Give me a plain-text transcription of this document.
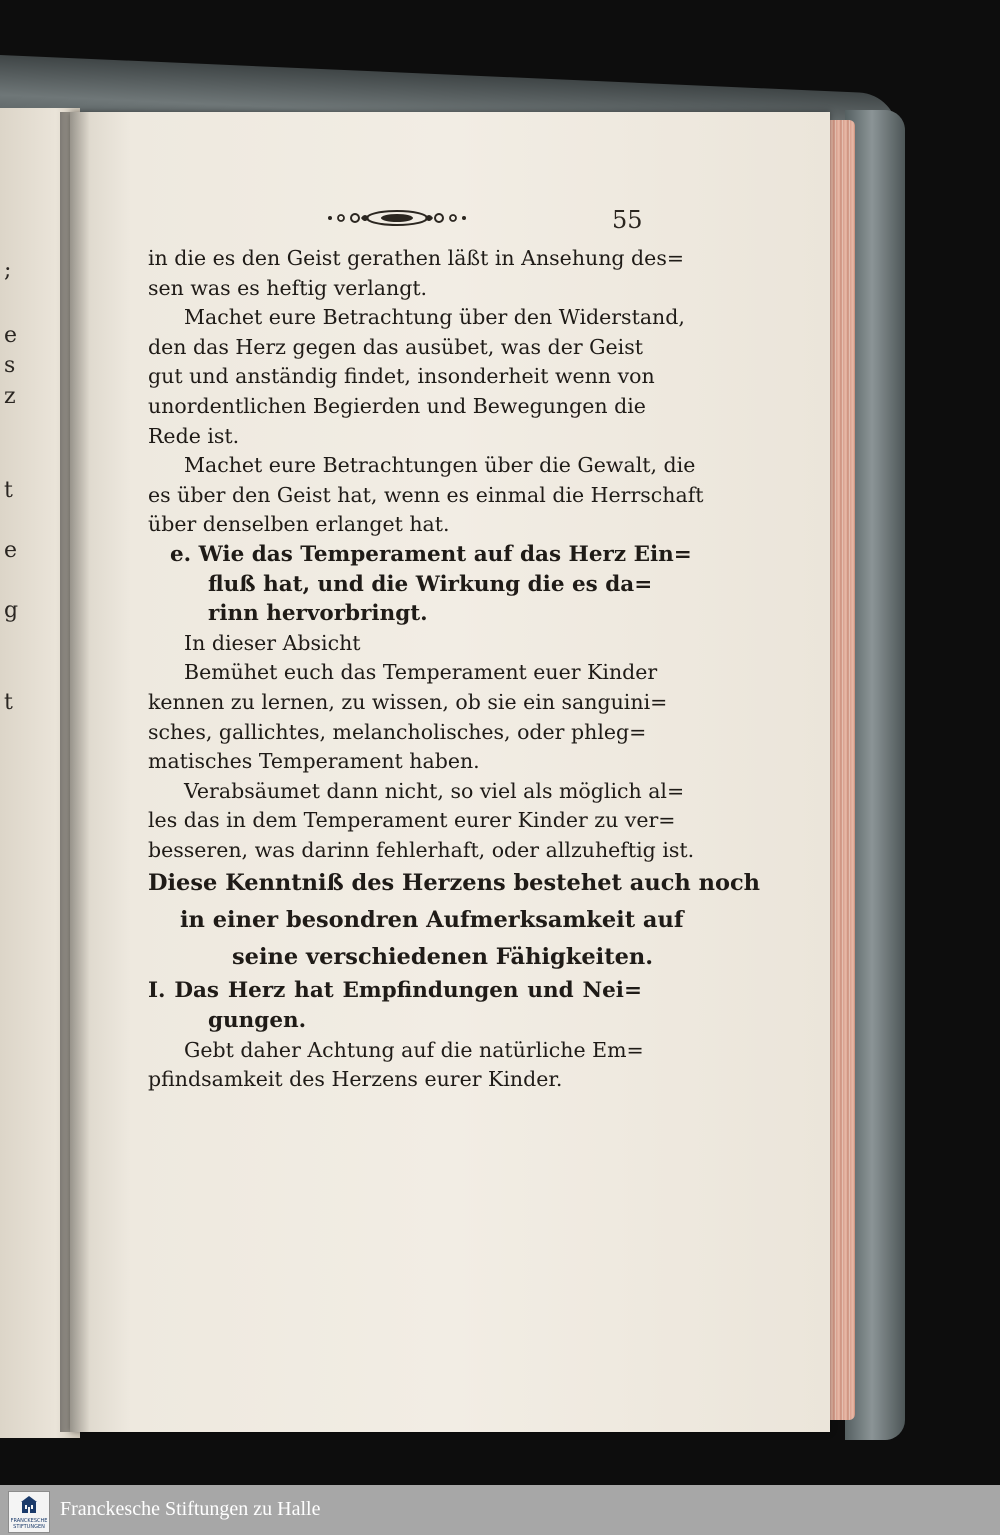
;
e
s
z
t
e
g
t
55
in die es den Geist gerathen läßt in Ansehung des=
sen was es heftig verlangt.
Machet eure Betrachtung über den Widerstand,
den das Herz gegen das ausübet, was der Geist
gut und anständig findet, insonderheit wenn von
unordentlichen Begierden und Bewegungen die
Rede ist.
Machet eure Betrachtungen über die Gewalt, die
es über den Geist hat, wenn es einmal die Herrschaft
über denselben erlanget hat.
e. Wie das Temperament auf das Herz Ein=
fluß hat, und die Wirkung die es da=
rinn hervorbringt.
In dieser Absicht
Bemühet euch das Temperament euer Kinder
kennen zu lernen, zu wissen, ob sie ein sanguini=
sches, gallichtes, melancholisches, oder phleg=
matisches Temperament haben.
Verabsäumet dann nicht, so viel als möglich al=
les das in dem Temperament eurer Kinder zu ver=
besseren, was darinn fehlerhaft, oder allzuheftig ist.
Diese Kenntniß des Herzens bestehet auch noch
in einer besondren Aufmerksamkeit auf
seine verschiedenen Fähigkeiten.
I. Das Herz hat Empfindungen und Nei=
gungen.
Gebt daher Achtung auf die natürliche Em=
pfindsamkeit des Herzens eurer Kinder.
FRANCKESCHE
STIFTUNGEN
Franckesche Stiftungen zu Halle
